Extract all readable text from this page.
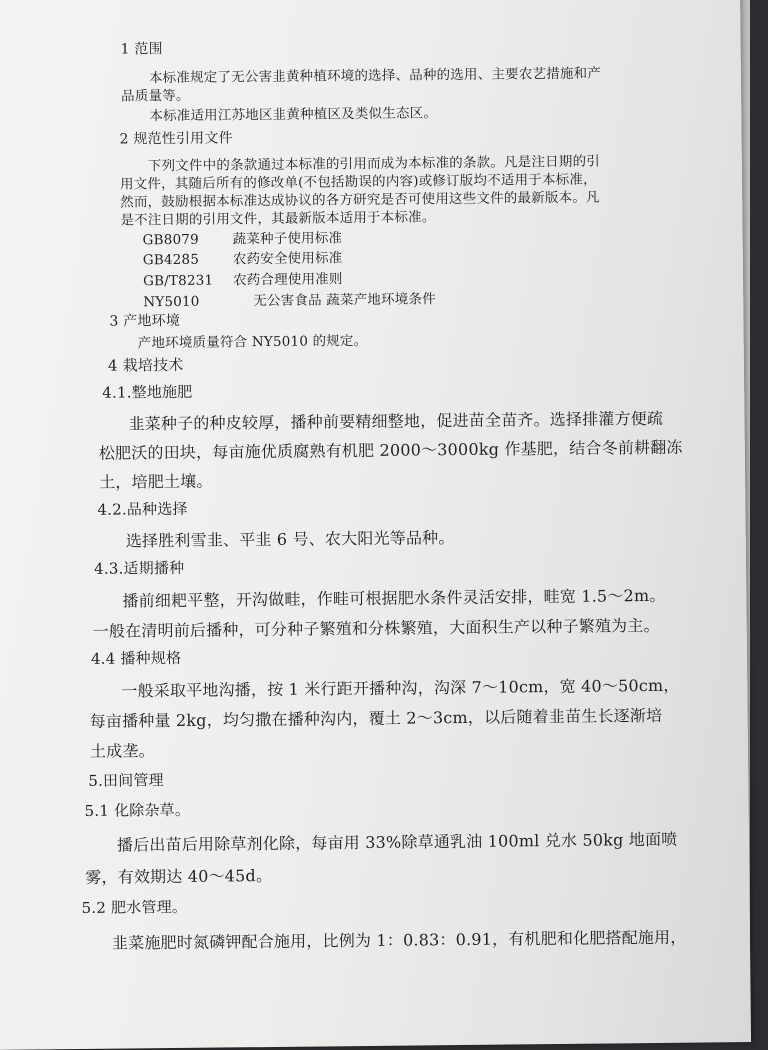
1 范围
本标准规定了无公害韭黄种植环境的选择、品种的选用、主要农艺措施和产
品质量等。
本标准适用江苏地区韭黄种植区及类似生态区。
2 规范性引用文件
下列文件中的条款通过本标准的引用而成为本标准的条款。凡是注日期的引
用文件，其随后所有的修改单(不包括勘误的内容)或修订版均不适用于本标准，
然而，鼓励根据本标准达成协议的各方研究是否可使用这些文件的最新版本。凡
是不注日期的引用文件，其最新版本适用于本标准。
GB8079 蔬菜种子使用标准
GB4285 农药安全使用标准
GB/T8231 农药合理使用准则
NY5010	无公害食品 蔬菜产地环境条件
3 产地环境
产地环境质量符合 NY5010 的规定。
4 栽培技术
4.1.整地施肥
韭菜种子的种皮较厚，播种前要精细整地，促进苗全苗齐。选择排灌方便疏
松肥沃的田块，每亩施优质腐熟有机肥 2000～3000kg 作基肥，结合冬前耕翻冻
土，培肥土壤。
4.2.品种选择
选择胜利雪韭、平韭 6 号、农大阳光等品种。
4.3.适期播种
播前细耙平整，开沟做畦，作畦可根据肥水条件灵活安排，畦宽 1.5～2m。
一般在清明前后播种，可分种子繁殖和分株繁殖，大面积生产以种子繁殖为主。
4.4 播种规格
一般采取平地沟播，按 1 米行距开播种沟，沟深 7～10cm，宽 40～50cm，
每亩播种量 2kg，均匀撒在播种沟内，覆土 2～3cm，以后随着韭苗生长逐渐培
土成垄。
5.田间管理
5.1 化除杂草。
播后出苗后用除草剂化除，每亩用 33%除草通乳油 100ml 兑水 50kg 地面喷
雾，有效期达 40～45d。
5.2 肥水管理。
韭菜施肥时氮磷钾配合施用，比例为 1：0.83：0.91，有机肥和化肥搭配施用，
